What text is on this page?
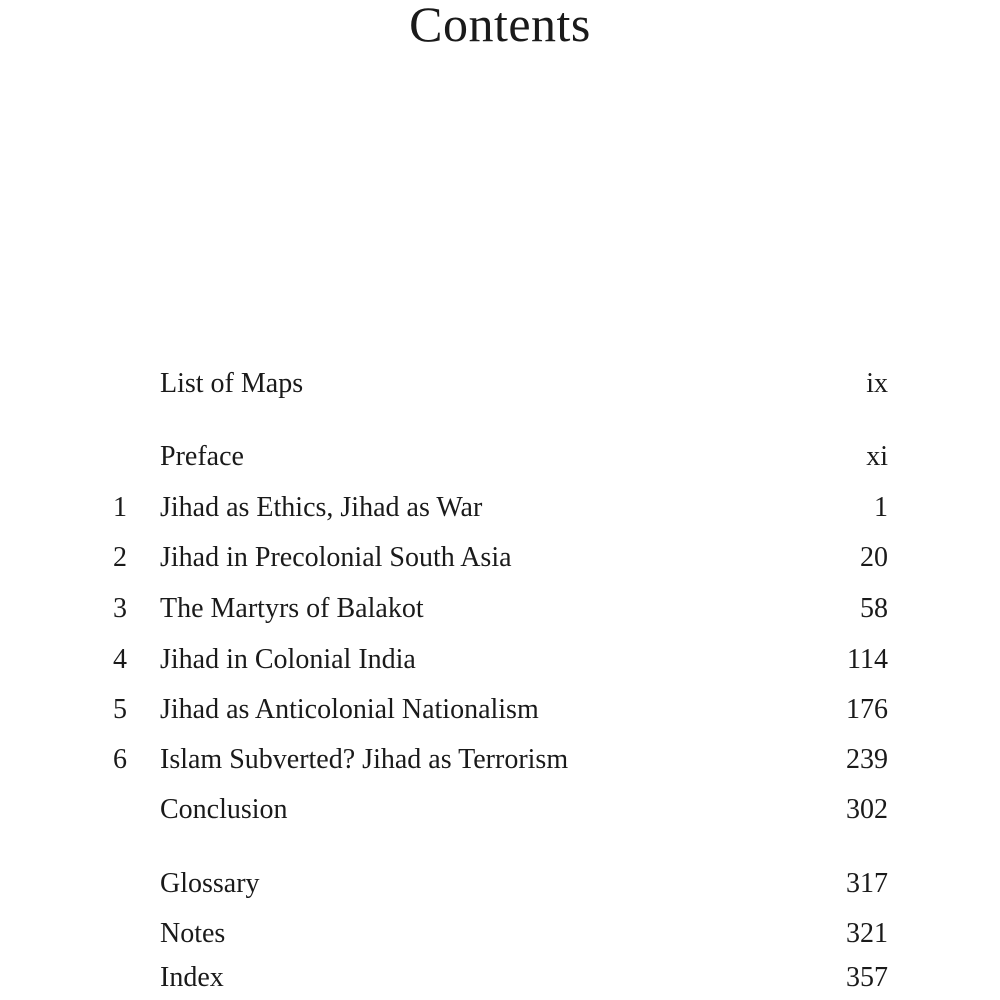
Contents
List of Maps	ix
Preface	xi
1	Jihad as Ethics, Jihad as War	1
2	Jihad in Precolonial South Asia	20
3	The Martyrs of Balakot	58
4	Jihad in Colonial India	114
5	Jihad as Anticolonial Nationalism	176
6	Islam Subverted? Jihad as Terrorism	239
Conclusion	302
Glossary	317
Notes	321
Index	357
